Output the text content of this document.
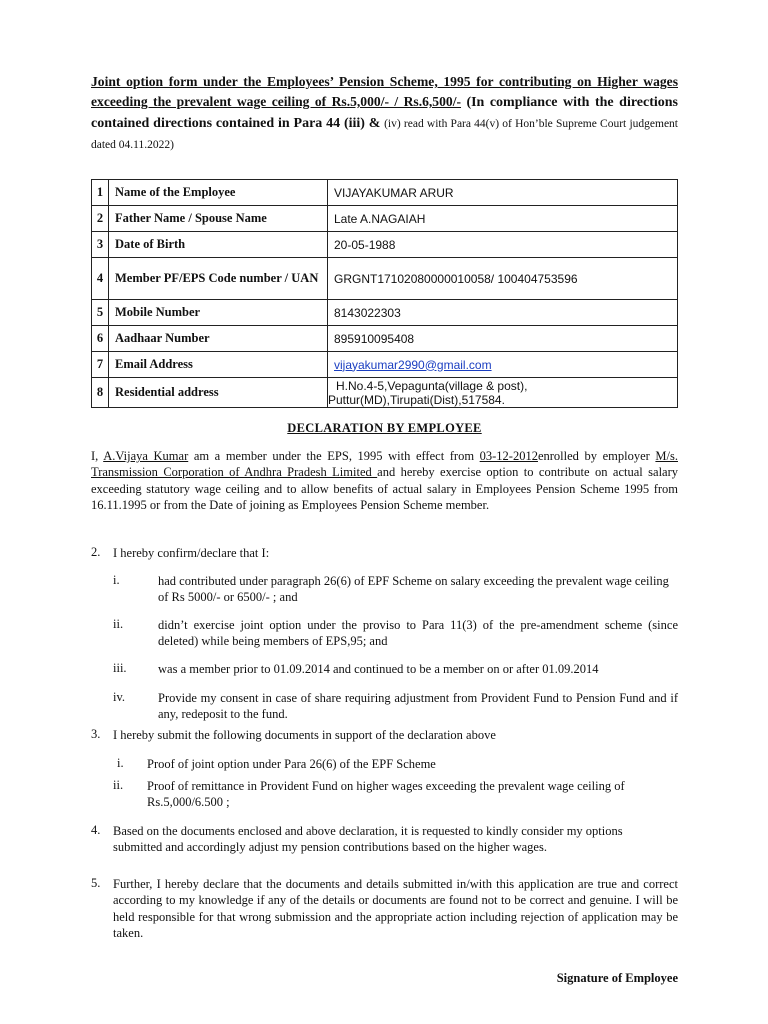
Joint option form under the Employees’ Pension Scheme, 1995 for contributing on Higher wages exceeding the prevalent wage ceiling of Rs.5,000/- / Rs.6,500/- (In compliance with the directions contained directions contained in Para 44 (iii) & (iv) read with Para 44(v) of Hon’ble Supreme Court judgement dated 04.11.2022)
1	Name of the Employee	VIJAYAKUMAR ARUR
2	Father Name / Spouse Name	Late A.NAGAIAH
3	Date of Birth	20-05-1988
4	Member PF/EPS Code number / UAN	GRGNT17102080000010058/ 100404753596
5	Mobile Number	8143022303
6	Aadhaar Number	895910095408
7	Email Address	vijayakumar2990@gmail.com
8	Residential address	H.No.4-5,Vepagunta(village & post),
Puttur(MD),Tirupati(Dist),517584.
DECLARATION BY EMPLOYEE
I, A.Vijaya Kumar am a member under the EPS, 1995 with effect from 03-12-2012enrolled by employer M/s. Transmission Corporation of Andhra Pradesh Limited and hereby exercise option to contribute on actual salary exceeding statutory wage ceiling and to allow benefits of actual salary in Employees Pension Scheme 1995 from 16.11.1995 or from the Date of joining as Employees Pension Scheme member.
2. I hereby confirm/declare that I:
i.	had contributed under paragraph 26(6) of EPF Scheme on salary exceeding the prevalent wage ceiling of Rs 5000/- or 6500/- ; and
ii.	didn’t exercise joint option under the proviso to Para 11(3) of the pre-amendment scheme (since deleted) while being members of EPS,95; and
iii.	was a member prior to 01.09.2014 and continued to be a member on or after 01.09.2014
iv.	Provide my consent in case of share requiring adjustment from Provident Fund to Pension Fund and if any, redeposit to the fund.
3. I hereby submit the following documents in support of the declaration above
i. Proof of joint option under Para 26(6) of the EPF Scheme
ii. Proof of remittance in Provident Fund on higher wages exceeding the prevalent wage ceiling of Rs.5,000/6.500 ;
4. Based on the documents enclosed and above declaration, it is requested to kindly consider my options submitted and accordingly adjust my pension contributions based on the higher wages.
5. Further, I hereby declare that the documents and details submitted in/with this application are true and correct according to my knowledge if any of the details or documents are found not to be correct and genuine. I will be held responsible for that wrong submission and the appropriate action including rejection of application may be taken.
Signature of Employee
